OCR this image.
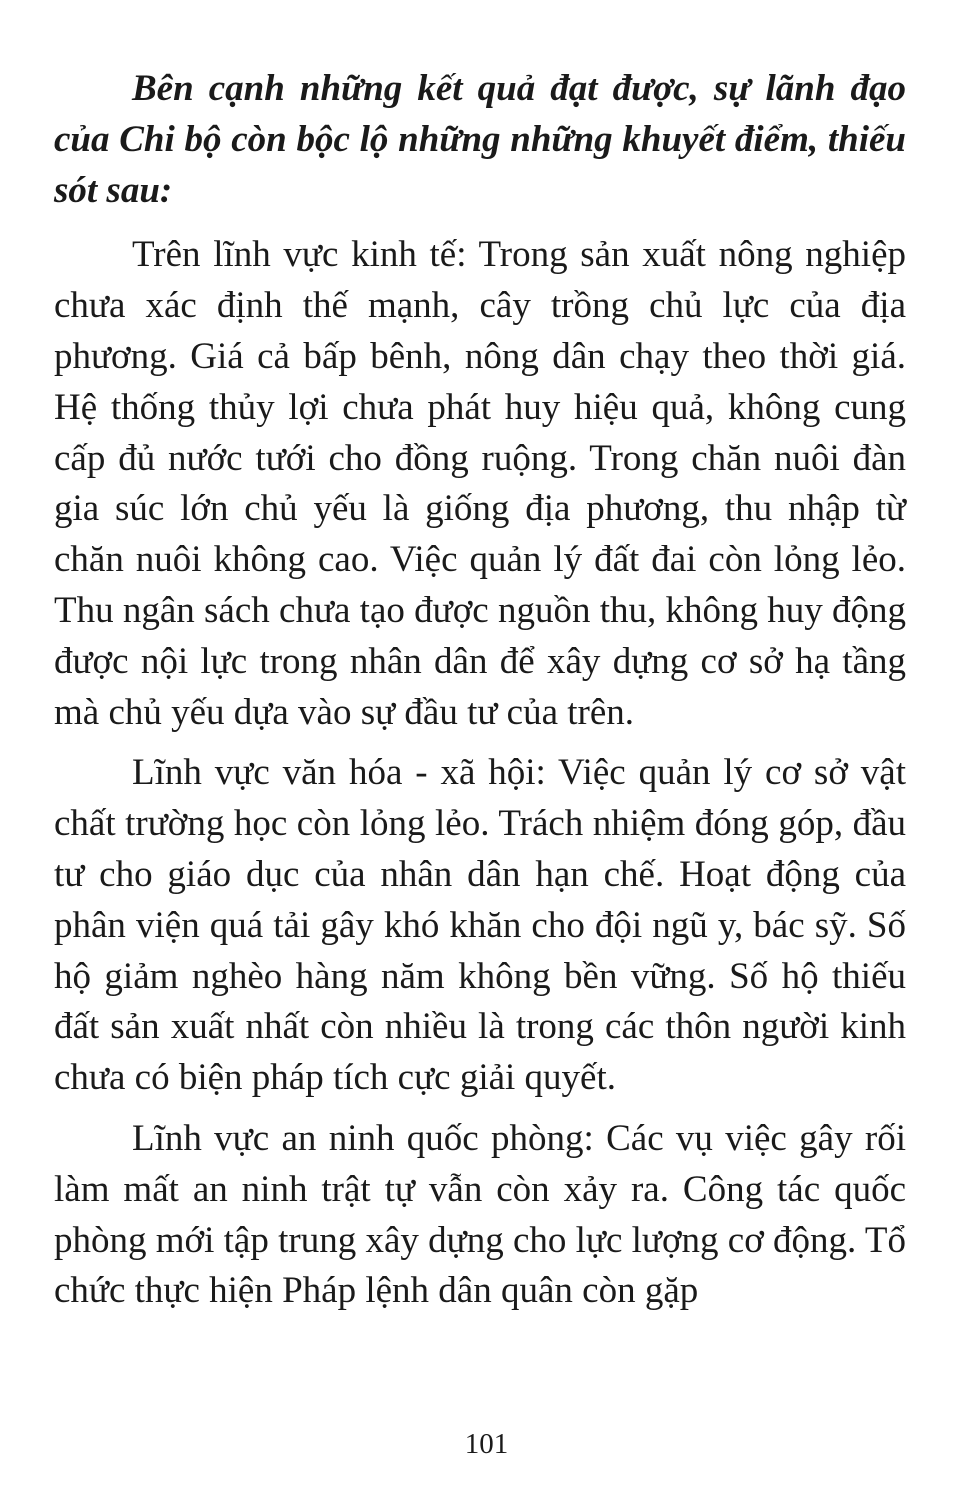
Bên cạnh những kết quả đạt được, sự lãnh đạo của Chi bộ còn bộc lộ những những khuyết điểm, thiếu sót sau:

Trên lĩnh vực kinh tế: Trong sản xuất nông nghiệp chưa xác định thế mạnh, cây trồng chủ lực của địa phương. Giá cả bấp bênh, nông dân chạy theo thời giá. Hệ thống thủy lợi chưa phát huy hiệu quả, không cung cấp đủ nước tưới cho đồng ruộng. Trong chăn nuôi đàn gia súc lớn chủ yếu là giống địa phương, thu nhập từ chăn nuôi không cao. Việc quản lý đất đai còn lỏng lẻo. Thu ngân sách chưa tạo được nguồn thu, không huy động được nội lực trong nhân dân để xây dựng cơ sở hạ tầng mà chủ yếu dựa vào sự đầu tư của trên.

Lĩnh vực văn hóa - xã hội: Việc quản lý cơ sở vật chất trường học còn lỏng lẻo. Trách nhiệm đóng góp, đầu tư cho giáo dục của nhân dân hạn chế. Hoạt động của phân viện quá tải gây khó khăn cho đội ngũ y, bác sỹ. Số hộ giảm nghèo hàng năm không bền vững. Số hộ thiếu đất sản xuất nhất còn nhiều là trong các thôn người kinh chưa có biện pháp tích cực giải quyết.

Lĩnh vực an ninh quốc phòng: Các vụ việc gây rối làm mất an ninh trật tự vẫn còn xảy ra. Công tác quốc phòng mới tập trung xây dựng cho lực lượng cơ động. Tổ chức thực hiện Pháp lệnh dân quân còn gặp

101
